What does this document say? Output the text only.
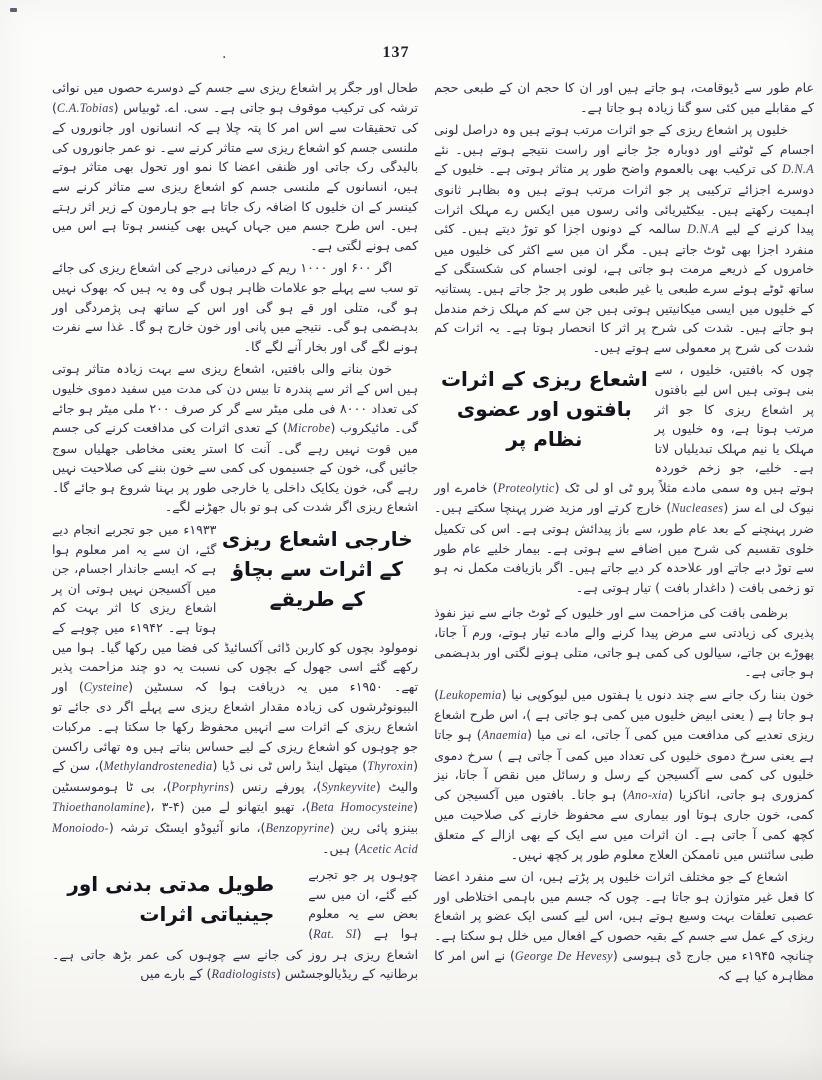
137
عام طور سے ڈیوقامت، ہو جاتے ہیں اور ان کا حجم ان کے طبعی حجم کے مقابلے میں کئی سو گنا زیادہ ہو جاتا ہے۔
خلیوں پر اشعاع ریزی کے جو اثرات مرتب ہوتے ہیں وہ دراصل لونی اجسام کے ٹوٹنے اور دوبارہ جڑ جانے اور راست نتیجے ہوتے ہیں۔ نئے D.N.A کی ترکیب بھی بالعموم واضح طور پر متاثر ہوتی ہے۔ خلیوں کے دوسرے اجزائے ترکیبی پر جو اثرات مرتب ہوتے ہیں وہ بظاہر ثانوی اہمیت رکھتے ہیں۔ بیکٹیریائی وائی رسوں میں ایکس رے مہلک اثرات پیدا کرنے کے لیے D.N.A سالمہ کے دونوں اجزا کو توڑ دیتے ہیں۔ کئی منفرد اجزا بھی ٹوٹ جاتے ہیں۔ مگر ان میں سے اکثر کی خلیوں میں خامروں کے ذریعے مرمت ہو جاتی ہے، لونی اجسام کی شکستگی کے ساتھ ٹوٹے ہوئے سرے طبعی یا غیر طبعی طور پر جڑ جاتے ہیں۔ پستانیہ کے خلیوں میں ایسی میکانیتیں ہوتی ہیں جن سے کم مہلک زخم مندمل ہو جاتے ہیں۔ شدت کی شرح پر اثر کا انحصار ہوتا ہے۔ یہ اثرات کم شدت کی شرح پر معمولی سے ہوتے ہیں۔
اشعاع ریزی کے اثرات بافتوں اور عضوی نظام پر
چوں کہ بافتیں، خلیوں ، سے بنی ہوتی ہیں اس لیے بافتوں پر اشعاع ریزی کا جو اثر مرتب ہوتا ہے، وہ خلیوں پر مہلک یا نیم مہلک تبدیلیاں لاتا ہے۔ خلیے، جو زخم خوردہ ہوتے ہیں وہ سمی مادے مثلاً پرو ٹی او لی ٹک (Proteolytic) خامرے اور نیوک لی اے سز (Nucleases) خارج کرتے اور مزید ضرر پہنچا سکتے ہیں۔ ضرر پہنچنے کے بعد عام طور، سے باز پیدائش ہوتی ہے۔ اس کی تکمیل خلوی تقسیم کی شرح میں اضافے سے ہوتی ہے۔ بیمار خلیے عام طور سے توڑ دبے جاتے اور علاحدہ کر دیے جاتے ہیں۔ اگر بازیافت مکمل نہ ہو تو زخمی بافت ( داغدار بافت ) تیار ہوتی ہے۔
برظمی بافت کی مزاحمت سے اور خلیوں کے ٹوٹ جانے سے نیز نفوذ پذیری کی زیادتی سے مرض پیدا کرنے والے مادے تیار ہوتے، ورم آ جاتا، پھوڑے بن جاتے، سیالوں کی کمی ہو جاتی، متلی ہونے لگتی اور بدہضمی ہو جاتی ہے۔
خون بننا رک جانے سے چند دنوں یا ہفتوں میں لیوکوپی نیا (Leukopemia) ہو جاتا ہے ( یعنی ابیض خلیوں میں کمی ہو جاتی ہے )، اس طرح اشعاع ریزی تعدیے کی مدافعت میں کمی آ جاتی، اے نی میا (Anaemia) ہو جاتا ہے یعنی سرخ دموی خلیوں کی تعداد میں کمی آ جاتی ہے ) سرخ دموی خلیوں کی کمی سے آکسیجن کے رسل و رسائل میں نقص آ جاتا، نیز کمزوری ہو جاتی، اناکزیا (Ano-xia) ہو جاتا۔ بافتوں میں آکسیجن کی کمی، خون جاری ہوتا اور بیماری سے محفوظ خارنے کی صلاحیت میں کچھ کمی آ جاتی ہے۔ ان اثرات میں سے ایک کے بھی ازالے کے متعلق طبی سائنس میں ناممکن العلاج معلوم طور پر کچھ نہیں۔
اشعاع کے جو مختلف اثرات خلیوں پر پڑتے ہیں، ان سے منفرد اعضا کا فعل غیر متوازن ہو جاتا ہے۔ چوں کہ جسم میں باہمی اختلاطی اور عصبی تعلقات بہت وسیع ہوتے ہیں، اس لیے کسی ایک عضو پر اشعاع ریزی کے عمل سے جسم کے بقیہ حصوں کے افعال میں خلل ہو سکتا ہے۔ چنانچہ ۱۹۴۵ء میں جارج ڈی ہیوسی (George De Hevesy) نے اس امر کا مظاہرہ کیا ہے کہ
طحال اور جگر پر اشعاع ریزی سے جسم کے دوسرے حصوں میں نوائی ترشہ کی ترکیب موقوف ہو جاتی ہے۔ سی. اے. ٹوبیاس (C.A.Tobias) کی تحقیقات سے اس امر کا پتہ چلا ہے کہ انسانوں اور جانوروں کے ملنسی جسم کو اشعاع ریزی سے متاثر کرنے سے۔ نو عمر جانوروں کی بالیدگی رک جاتی اور ظنفی اعضا کا نمو اور تحول بھی متاثر ہوتے ہیں، انسانوں کے ملنسی جسم کو اشعاع ریزی سے متاثر کرنے سے کینسر کے ان خلیوں کا اضافہ رک جاتا ہے جو ہارمون کے زیر اثر رہتے ہیں۔ اس طرح جسم میں جہاں کہیں بھی کینسر ہوتا ہے اس میں کمی ہونے لگتی ہے۔
اگر ۶۰۰ اور ۱۰۰۰ ریم کے درمیانی درجے کی اشعاع ریزی کی جائے تو سب سے پہلے جو علامات ظاہر ہوں گی وہ یہ ہیں کہ بھوک نہیں ہو گی، متلی اور قے ہو گی اور اس کے ساتھ ہی پژمردگی اور بدہضمی ہو گی۔ نتیجے میں پانی اور خون خارج ہو گا۔ غذا سے نفرت ہونے لگے گی اور بخار آنے لگے گا۔
خون بنانے والی بافتیں، اشعاع ریزی سے بہت زیادہ متاثر ہوتی ہیں اس کے اثر سے پندرہ تا بیس دن کی مدت میں سفید دموی خلیوں کی تعداد ۸۰۰۰ فی ملی میٹر سے گر کر صرف ۲۰۰ ملی میٹر ہو جائے گی۔ مائیکروب (Microbe) کے تعدی اثرات کی مدافعت کرنے کی جسم میں قوت نہیں رہے گی۔ آنت کا استر یعنی مخاطی جھلیاں سوج جائیں گی، خون کے جسیموں کی کمی سے خون بننے کی صلاحیت نہیں رہے گی، خون یکایک داخلی یا خارجی طور پر بہنا شروع ہو جائے گا۔ اشعاع ریزی اگر شدت کی ہو تو بال جھڑنے لگے۔
خارجی اشعاع ریزی کے اثرات سے بچاؤ کے طریقے
۱۹۳۳ء میں جو تجربے انجام دیے گئے، ان سے یہ امر معلوم ہوا ہے کہ ایسے جاندار اجسام، جن میں آکسیجن نہیں ہوتی ان پر اشعاع ریزی کا اثر بہت کم ہوتا ہے۔ ۱۹۴۲ء میں چوہے کے نومولود بچوں کو کاربن ڈائی آکسائیڈ کی فضا میں رکھا گیا۔ ہوا میں رکھے گئے اسی جھول کے بچوں کی نسبت یہ دو چند مزاحمت پذیر تھے۔ ۱۹۵۰ء میں یہ دریافت ہوا کہ سسٹین (Cysteine) اور البیونوٹرشوں کی زیادہ مقدار اشعاع ریزی سے پہلے اگر دی جائے تو اشعاع ریزی کے اثرات سے انہیں محفوظ رکھا جا سکتا ہے۔ مرکبات جو چوہوں کو اشعاع ریزی کے لیے حساس بناتے ہیں وہ تھائی راکسن (Thyroxin) میتھل اینڈ راس ٹی نی ڈیا (Methylandrostenedia)، سن کے والیٹ (Synkeyvite)، پورفے رنس (Porphyrins)، بی ٹا ہوموسسٹین (Beta Homocysteine)، تھیو ایتھانو لے مین (Thioethanolamine)، ۳-۴ بینزو پائی رین (Benzopyrine)، مانو آئیوڈو ایسٹک ترشہ (Monoiodo-Acetic Acid) ہیں۔
طویل مدتی بدنی اور جینیاتی اثرات
چوہوں پر جو تجربے کیے گئے، ان میں سے بعض سے یہ معلوم ہوا ہے (Rat. SI) اشعاع ریزی ہر روز کی جانے سے چوہوں کی عمر بڑھ جاتی ہے۔ برطانیہ کے ریڈیالوجسٹس (Radiologists) کے بارے میں
·
